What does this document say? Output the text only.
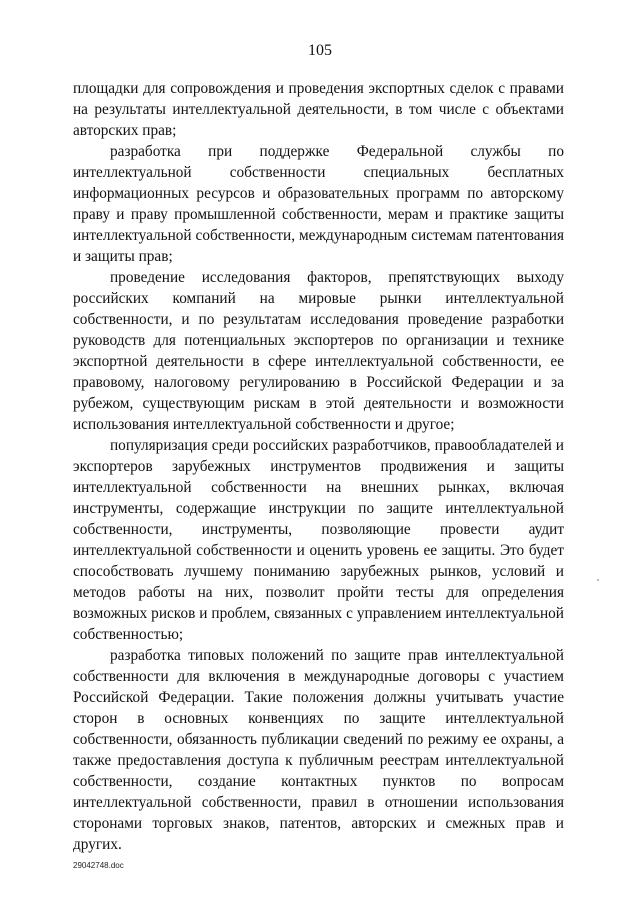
105

площадки для сопровождения и проведения экспортных сделок с правами на результаты интеллектуальной деятельности, в том числе с объектами авторских прав;

разработка при поддержке Федеральной службы по интеллектуальной собственности специальных бесплатных информационных ресурсов и образовательных программ по авторскому праву и праву промышленной собственности, мерам и практике защиты интеллектуальной собственности, международным системам патентования и защиты прав;

проведение исследования факторов, препятствующих выходу российских компаний на мировые рынки интеллектуальной собственности, и по результатам исследования проведение разработки руководств для потенциальных экспортеров по организации и технике экспортной деятельности в сфере интеллектуальной собственности, ее правовому, налоговому регулированию в Российской Федерации и за рубежом, существующим рискам в этой деятельности и возможности использования интеллектуальной собственности и другое;

популяризация среди российских разработчиков, правообладателей и экспортеров зарубежных инструментов продвижения и защиты интеллектуальной собственности на внешних рынках, включая инструменты, содержащие инструкции по защите интеллектуальной собственности, инструменты, позволяющие провести аудит интеллектуальной собственности и оценить уровень ее защиты. Это будет способствовать лучшему пониманию зарубежных рынков, условий и методов работы на них, позволит пройти тесты для определения возможных рисков и проблем, связанных с управлением интеллектуальной собственностью;

разработка типовых положений по защите прав интеллектуальной собственности для включения в международные договоры с участием Российской Федерации. Такие положения должны учитывать участие сторон в основных конвенциях по защите интеллектуальной собственности, обязанность публикации сведений по режиму ее охраны, а также предоставления доступа к публичным реестрам интеллектуальной собственности, создание контактных пунктов по вопросам интеллектуальной собственности, правил в отношении использования сторонами торговых знаков, патентов, авторских и смежных прав и других.

29042748.doc
